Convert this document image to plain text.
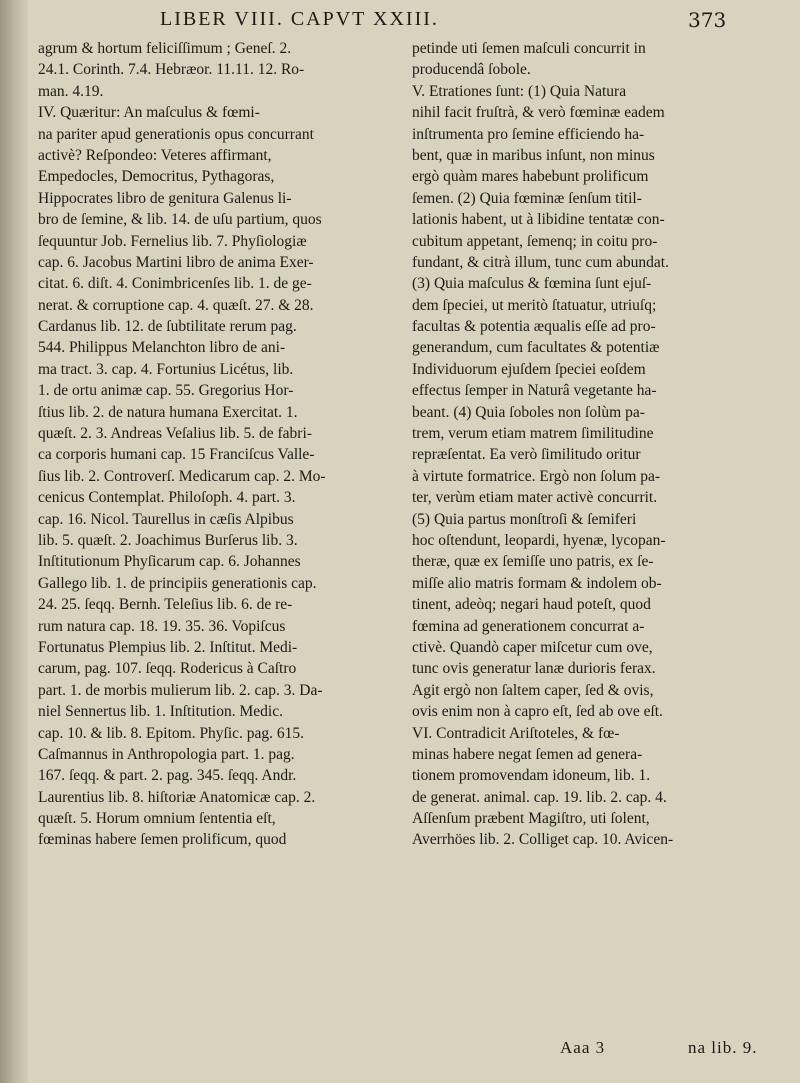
LIBER VIII. CAPVT XXIII.	373
agrum & hortum feliciſſimum ; Geneſ. 2.
24.1. Corinth. 7.4. Hebræor. 11.11. 12. Ro-
man. 4.19.
IV. Quæritur: An maſculus & fœmi-
na pariter apud generationis opus concurrant
activè? Reſpondeo: Veteres affirmant,
Empedocles, Democritus, Pythagoras,
Hippocrates libro de genitura Galenus li-
bro de ſemine, & lib. 14. de uſu partium, quos
ſequuntur Job. Fernelius lib. 7. Phyſiologiæ
cap. 6. Jacobus Martini libro de anima Exer-
citat. 6. diſt. 4. Conimbricenſes lib. 1. de ge-
nerat. & corruptione cap. 4. quæſt. 27. & 28.
Cardanus lib. 12. de ſubtilitate rerum pag.
544. Philippus Melanchton libro de ani-
ma tract. 3. cap. 4. Fortunius Licétus, lib.
1. de ortu animæ cap. 55. Gregorius Hor-
ſtius lib. 2. de natura humana Exercitat. 1.
quæſt. 2. 3. Andreas Veſalius lib. 5. de fabri-
ca corporis humani cap. 15 Franciſcus Valle-
ſius lib. 2. Controverſ. Medicarum cap. 2. Mo-
cenicus Contemplat. Philoſoph. 4. part. 3.
cap. 16. Nicol. Taurellus in cæſis Alpibus
lib. 5. quæſt. 2. Joachimus Burſerus lib. 3.
Inſtitutionum Phyſicarum cap. 6. Johannes
Gallego lib. 1. de principiis generationis cap.
24. 25. ſeqq. Bernh. Teleſius lib. 6. de re-
rum natura cap. 18. 19. 35. 36. Vopiſcus
Fortunatus Plempius lib. 2. Inſtitut. Medi-
carum, pag. 107. ſeqq. Rodericus à Caſtro
part. 1. de morbis mulierum lib. 2. cap. 3. Da-
niel Sennertus lib. 1. Inſtitution. Medic.
cap. 10. & lib. 8. Epitom. Phyſic. pag. 615.
Caſmannus in Anthropologia part. 1. pag.
167. ſeqq. & part. 2. pag. 345. ſeqq. Andr.
Laurentius lib. 8. hiſtoriæ Anatomicæ cap. 2.
quæſt. 5. Horum omnium ſententia eſt,
fœminas habere ſemen prolificum, quod
petinde uti ſemen maſculi concurrit in
producendâ ſobole.
V. Etrationes ſunt: (1) Quia Natura
nihil facit fruſtrà, & verò fœminæ eadem
inſtrumenta pro ſemine efficiendo ha-
bent, quæ in maribus inſunt, non minus
ergò quàm mares habebunt prolificum
ſemen. (2) Quia fœminæ ſenſum titil-
lationis habent, ut à libidine tentatæ con-
cubitum appetant, ſemenq; in coitu pro-
fundant, & citrà illum, tunc cum abundat.
(3) Quia maſculus & fœmina ſunt ejuſ-
dem ſpeciei, ut meritò ſtatuatur, utriuſq;
facultas & potentia æqualis eſſe ad pro-
generandum, cum facultates & potentiæ
Individuorum ejuſdem ſpeciei eoſdem
effectus ſemper in Naturâ vegetante ha-
beant. (4) Quia ſoboles non ſolùm pa-
trem, verum etiam matrem ſimilitudine
repræſentat. Ea verò ſimilitudo oritur
à virtute formatrice. Ergò non ſolum pa-
ter, verùm etiam mater activè concurrit.
(5) Quia partus monſtroſi & ſemiferi
hoc oſtendunt, leopardi, hyenæ, lycopan-
theræ, quæ ex ſemiſſe uno patris, ex ſe-
miſſe alio matris formam & indolem ob-
tinent, adeòq; negari haud poteſt, quod
fœmina ad generationem concurrat a-
ctivè. Quandò caper miſcetur cum ove,
tunc ovis generatur lanæ durioris ferax.
Agit ergò non ſaltem caper, ſed & ovis,
ovis enim non à capro eſt, ſed ab ove eſt.
VI. Contradicit Ariſtoteles, & fœ-
minas habere negat ſemen ad genera-
tionem promovendam idoneum, lib. 1.
de generat. animal. cap. 19. lib. 2. cap. 4.
Aſſenſum præbent Magiſtro, uti ſolent,
Averrhöes lib. 2. Colliget cap. 10. Avicen-
Aaa 3	na lib. 9.
